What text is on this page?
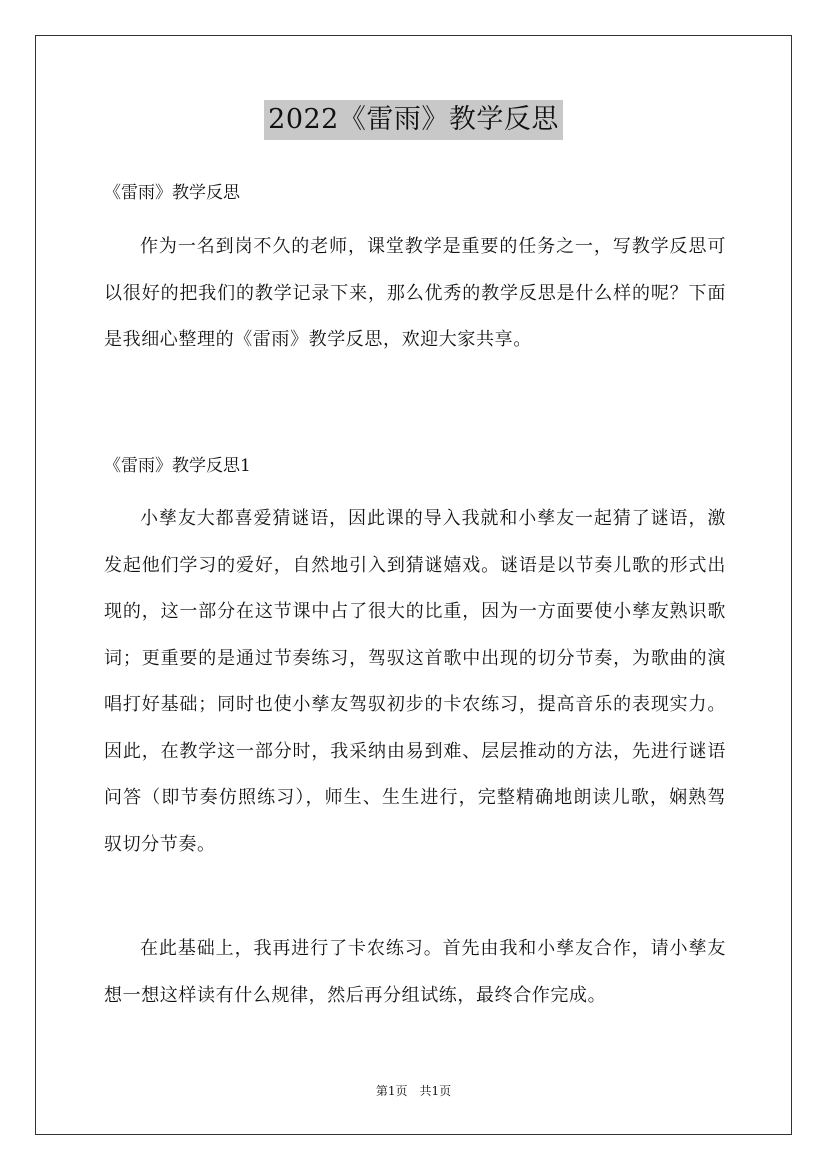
2022《雷雨》教学反思
《雷雨》教学反思

作为一名到岗不久的老师，课堂教学是重要的任务之一，写教学反思可以很好的把我们的教学记录下来，那么优秀的教学反思是什么样的呢？下面是我细心整理的《雷雨》教学反思，欢迎大家共享。

《雷雨》教学反思1

小孳友大都喜爱猜谜语，因此课的导入我就和小孳友一起猜了谜语，激发起他们学习的爱好，自然地引入到猜谜嬉戏。谜语是以节奏儿歌的形式出现的，这一部分在这节课中占了很大的比重，因为一方面要使小孳友熟识歌词；更重要的是通过节奏练习，驾驭这首歌中出现的切分节奏，为歌曲的演唱打好基础；同时也使小孳友驾驭初步的卡农练习，提高音乐的表现实力。因此，在教学这一部分时，我采纳由易到难、层层推动的方法，先进行谜语问答（即节奏仿照练习），师生、生生进行，完整精确地朗读儿歌，娴熟驾驭切分节奏。

在此基础上，我再进行了卡农练习。首先由我和小孳友合作，请小孳友想一想这样读有什么规律，然后再分组试练，最终合作完成。

第1页　共1页
